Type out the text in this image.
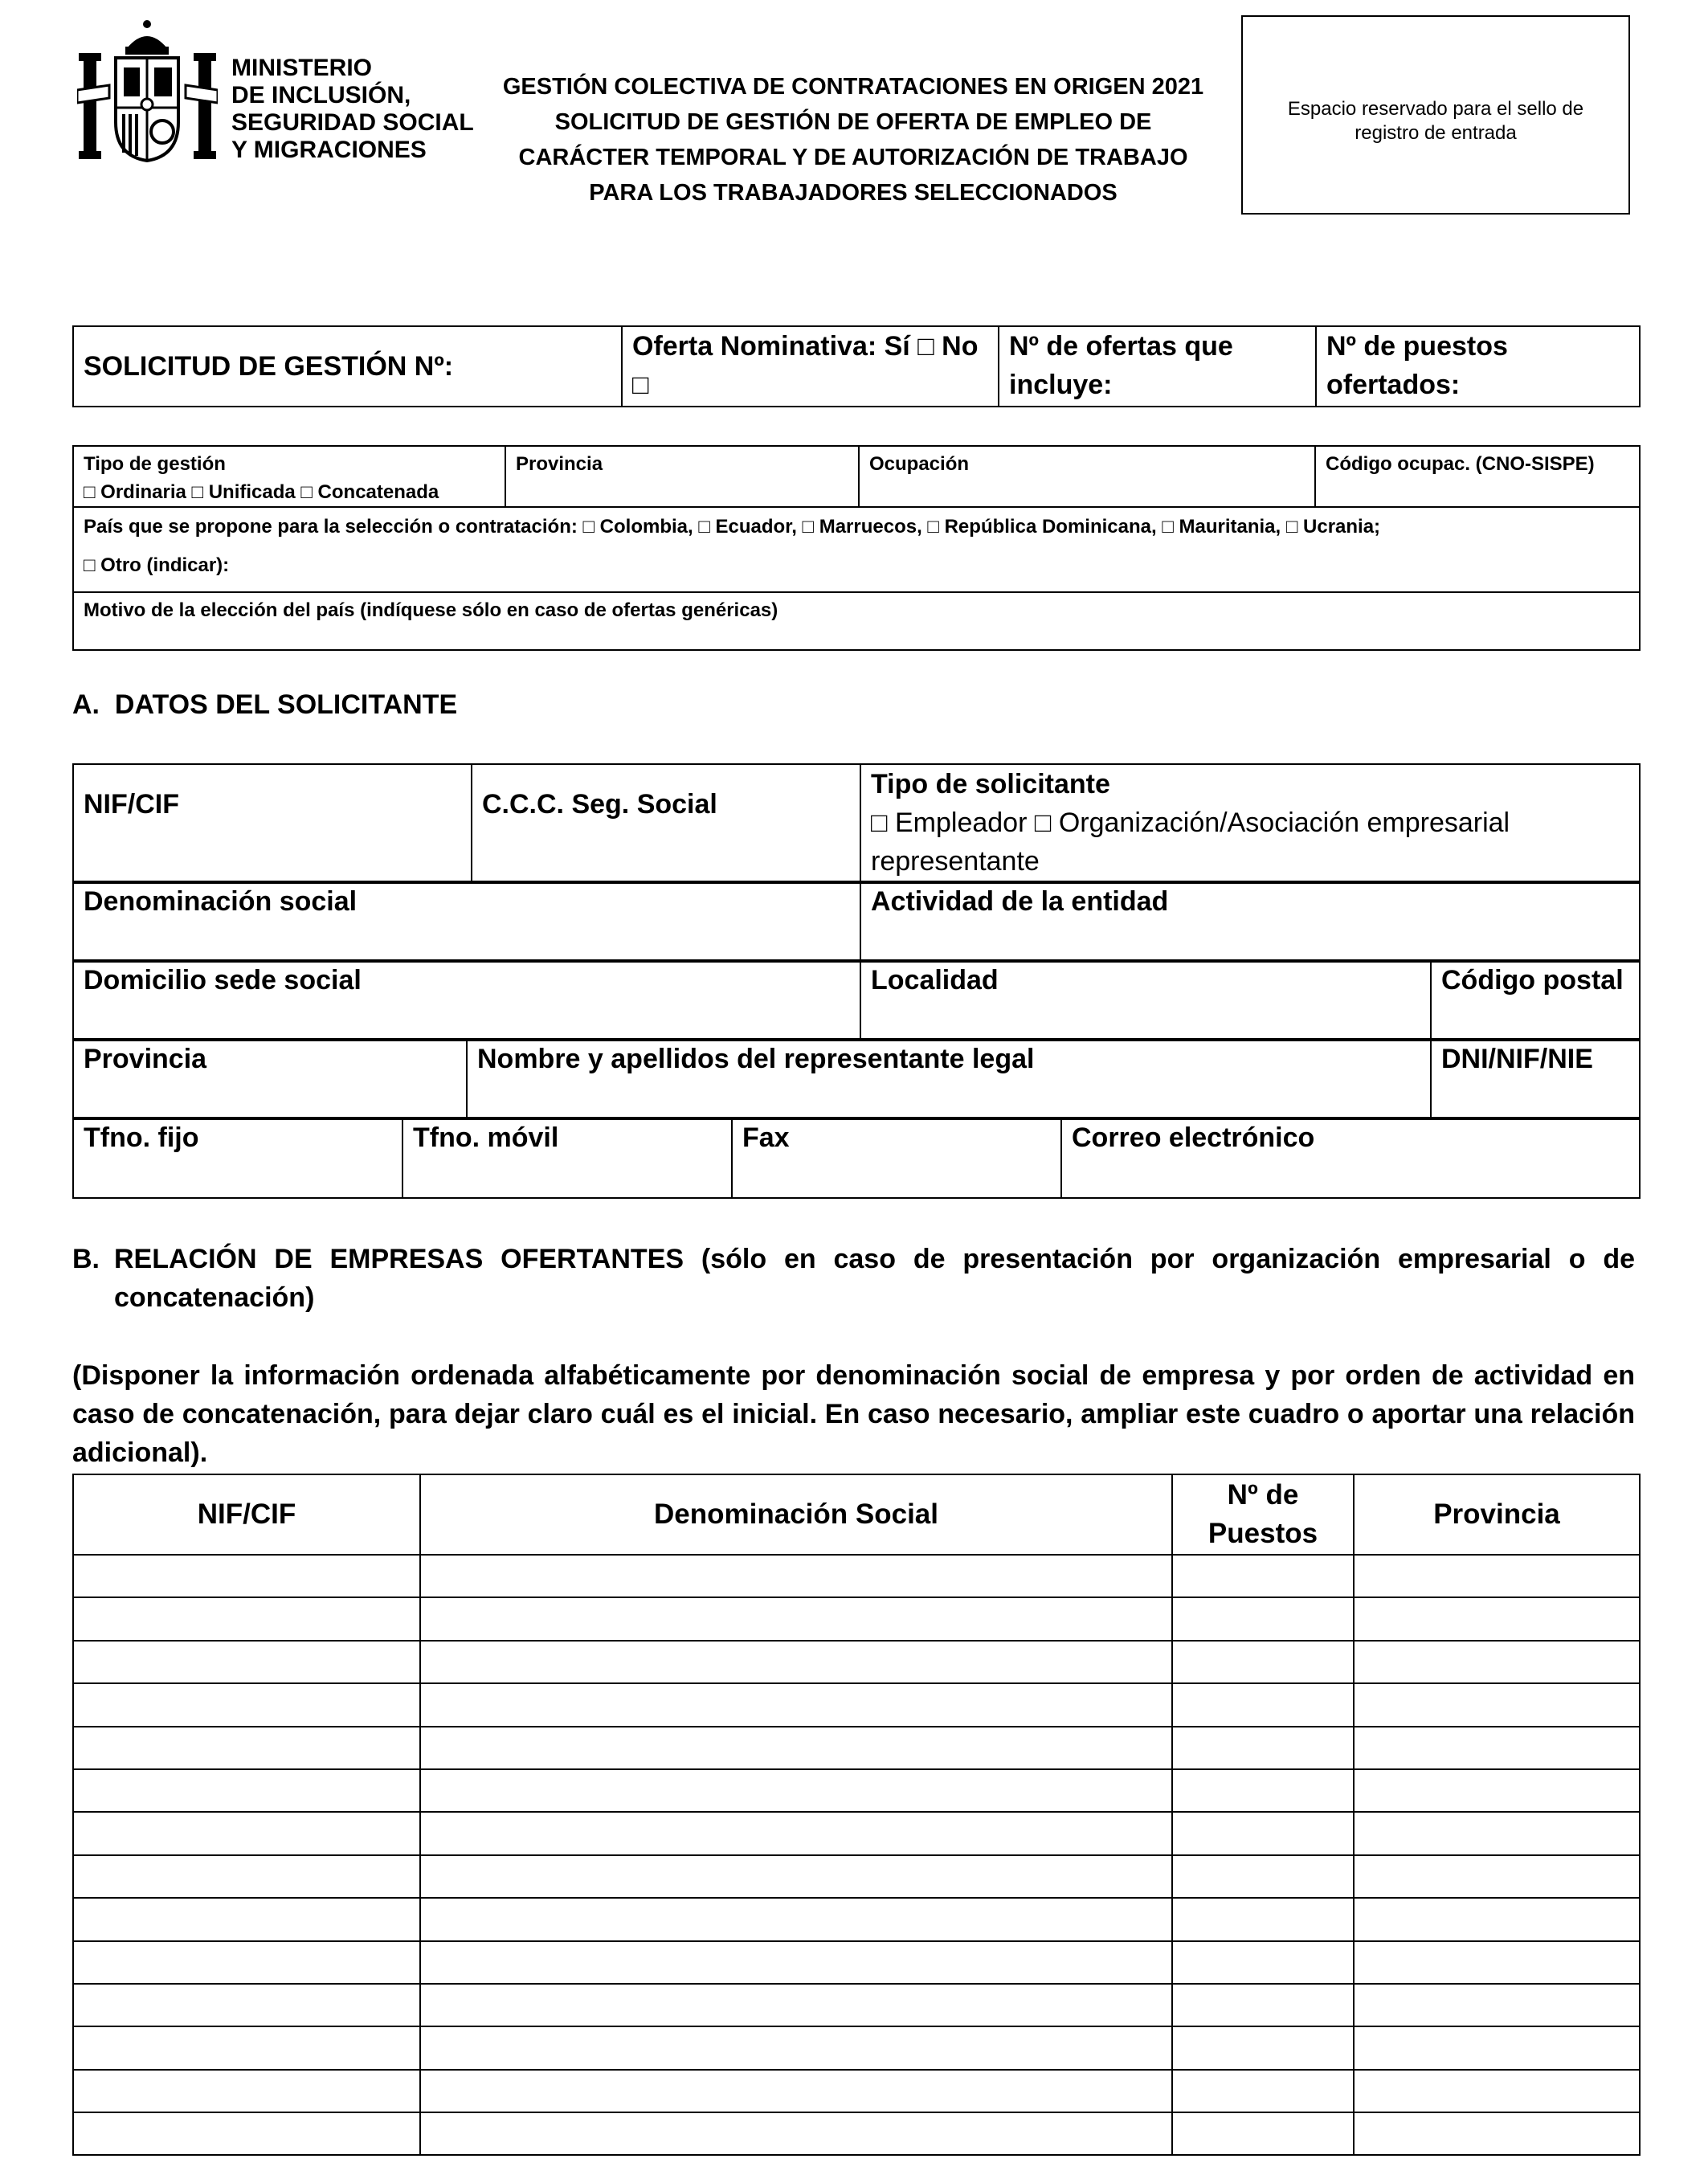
MINISTERIO
DE INCLUSIÓN,
SEGURIDAD SOCIAL
Y MIGRACIONES
GESTIÓN COLECTIVA DE CONTRATACIONES EN ORIGEN 2021
SOLICITUD DE GESTIÓN DE OFERTA DE EMPLEO DE
CARÁCTER TEMPORAL Y DE AUTORIZACIÓN DE TRABAJO
PARA LOS TRABAJADORES SELECCIONADOS
Espacio reservado para el sello de registro de entrada
SOLICITUD DE GESTIÓN Nº:	Oferta Nominativa: Sí □ No □	Nº de ofertas que incluye:	Nº de puestos ofertados:
Tipo de gestión
□ Ordinaria □ Unificada □ Concatenada
	Provincia	Ocupación	Código ocupac. (CNO-SISPE)

País que se propone para la selección o contratación: □ Colombia, □ Ecuador, □ Marruecos, □ República Dominicana, □ Mauritania, □ Ucrania;
□ Otro (indicar):

Motivo de la elección del país (indíquese sólo en caso de ofertas genéricas)
A.  DATOS DEL SOLICITANTE
NIF/CIF	C.C.C. Seg. Social	
Tipo de solicitante
□ Empleador □ Organización/Asociación empresarial representante
Denominación social	Actividad de la entidad
Domicilio sede social	Localidad	Código postal
Provincia	Nombre y apellidos del representante legal	DNI/NIF/NIE
Tfno. fijo	Tfno. móvil	Fax	Correo electrónico
B. RELACIÓN DE EMPRESAS OFERTANTES (sólo en caso de presentación por organización empresarial o de concatenación)
(Disponer la información ordenada alfabéticamente por denominación social de empresa y por orden de actividad en caso de concatenación, para dejar claro cuál es el inicial. En caso necesario, ampliar este cuadro o aportar una relación adicional).
NIF/CIF	Denominación Social	Nº de Puestos	Provincia
